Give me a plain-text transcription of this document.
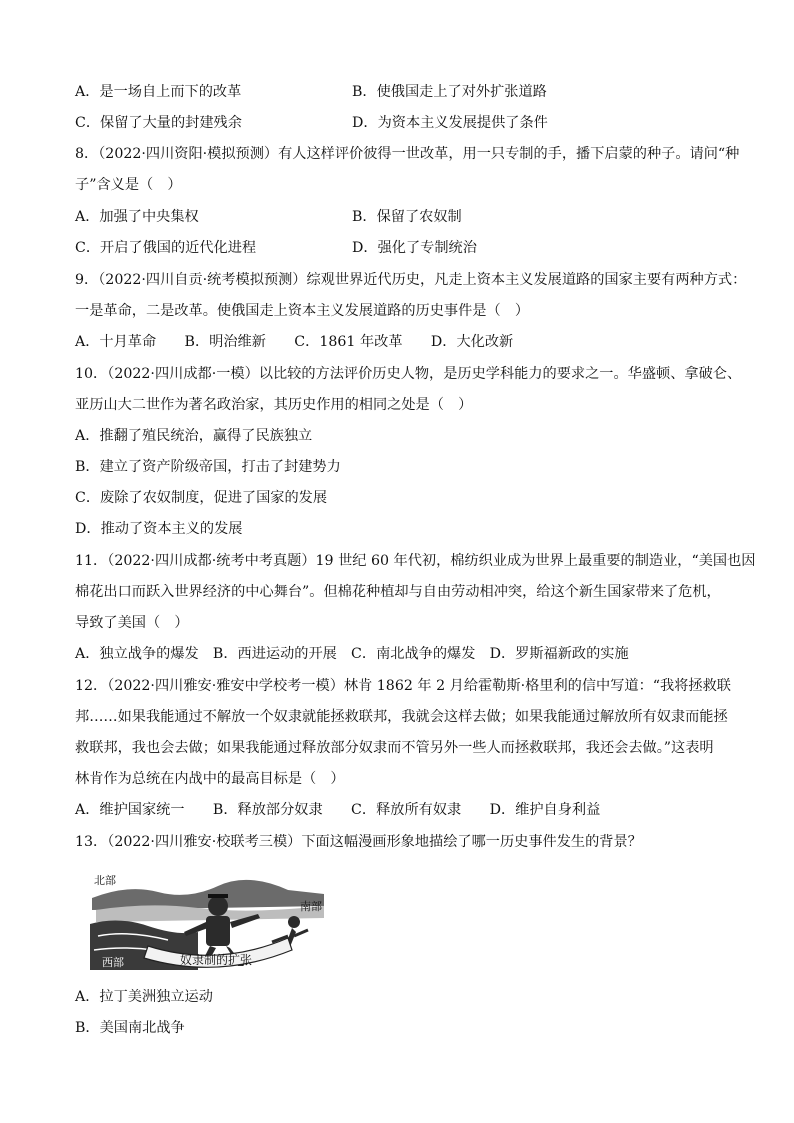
A．是一场自上而下的改革	B．使俄国走上了对外扩张道路
C．保留了大量的封建残余	D．为资本主义发展提供了条件
8．（2022·四川资阳·模拟预测）有人这样评价彼得一世改革，用一只专制的手，播下启蒙的种子。请问“种
子”含义是（　）
A．加强了中央集权	B．保留了农奴制
C．开启了俄国的近代化进程	D．强化了专制统治
9．（2022·四川自贡·统考模拟预测）综观世界近代历史，凡走上资本主义发展道路的国家主要有两种方式：
一是革命，二是改革。使俄国走上资本主义发展道路的历史事件是（　）
A．十月革命　　B．明治维新　　C．1861 年改革　　D．大化改新
10．（2022·四川成都·一模）以比较的方法评价历史人物，是历史学科能力的要求之一。华盛顿、拿破仑、
亚历山大二世作为著名政治家，其历史作用的相同之处是（　）
A．推翻了殖民统治，赢得了民族独立
B．建立了资产阶级帝国，打击了封建势力
C．废除了农奴制度，促进了国家的发展
D．推动了资本主义的发展
11．（2022·四川成都·统考中考真题）19 世纪 60 年代初，棉纺织业成为世界上最重要的制造业，“美国也因
棉花出口而跃入世界经济的中心舞台”。但棉花种植却与自由劳动相冲突，给这个新生国家带来了危机，
导致了美国（　）
A．独立战争的爆发　B．西进运动的开展　C．南北战争的爆发　D．罗斯福新政的实施
12．（2022·四川雅安·雅安中学校考一模）林肯 1862 年 2 月给霍勒斯·格里利的信中写道：“我将拯救联
邦……如果我能通过不解放一个奴隶就能拯救联邦，我就会这样去做；如果我能通过解放所有奴隶而能拯
救联邦，我也会去做；如果我能通过释放部分奴隶而不管另外一些人而拯救联邦，我还会去做。”这表明
林肯作为总统在内战中的最高目标是（　）
A．维护国家统一　　B．释放部分奴隶　　C．释放所有奴隶　　D．维护自身利益
13．（2022·四川雅安·校联考三模）下面这幅漫画形象地描绘了哪一历史事件发生的背景？
北部
南部
西部	奴隶制的扩张
A．拉丁美洲独立运动
B．美国南北战争
